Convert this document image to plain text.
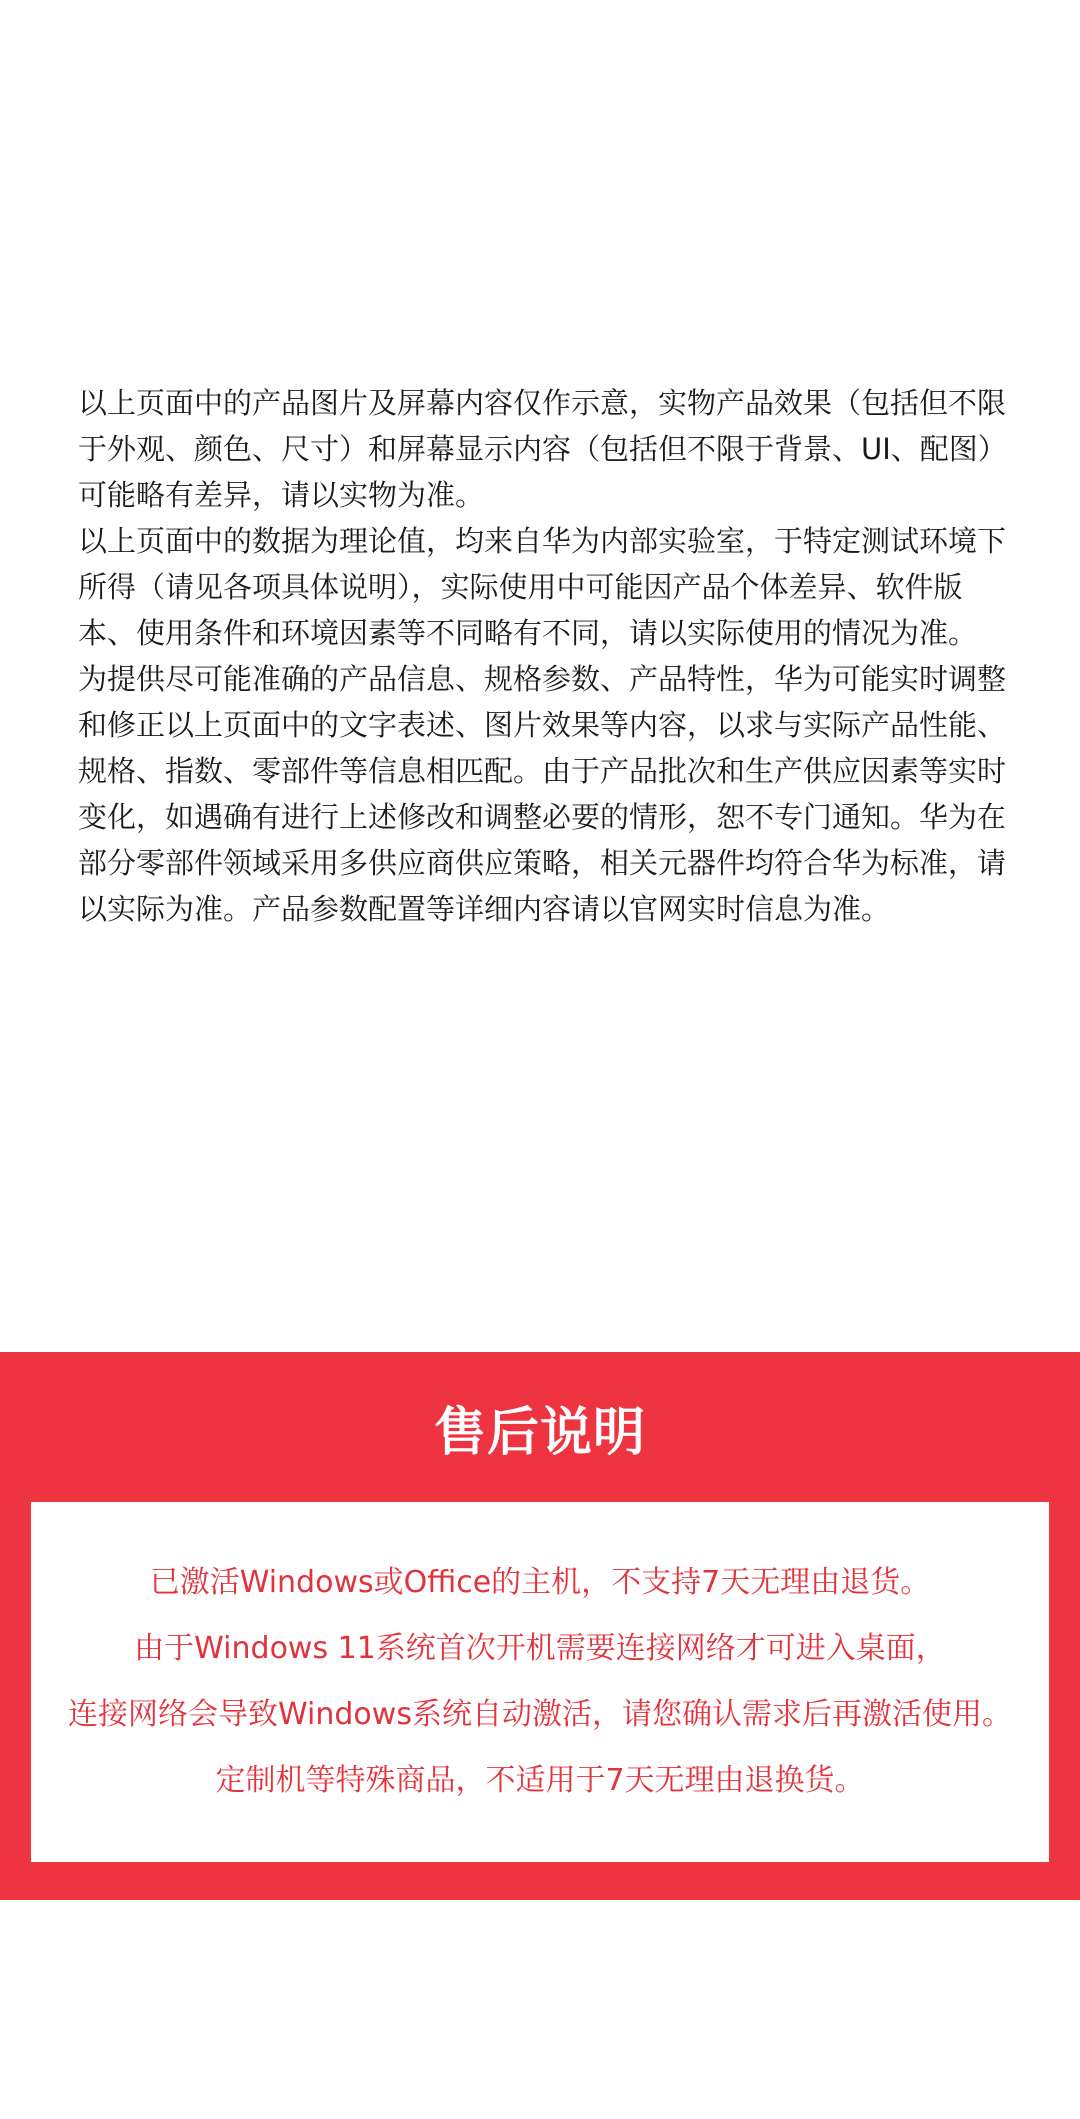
以上页面中的产品图片及屏幕内容仅作示意，实物产品效果（包括但不限于外观、颜色、尺寸）和屏幕显示内容（包括但不限于背景、UI、配图）可能略有差异，请以实物为准。

以上页面中的数据为理论值，均来自华为内部实验室，于特定测试环境下所得（请见各项具体说明），实际使用中可能因产品个体差异、软件版本、使用条件和环境因素等不同略有不同，请以实际使用的情况为准。

为提供尽可能准确的产品信息、规格参数、产品特性，华为可能实时调整和修正以上页面中的文字表述、图片效果等内容，以求与实际产品性能、规格、指数、零部件等信息相匹配。由于产品批次和生产供应因素等实时变化，如遇确有进行上述修改和调整必要的情形，恕不专门通知。华为在部分零部件领域采用多供应商供应策略，相关元器件均符合华为标准，请以实际为准。产品参数配置等详细内容请以官网实时信息为准。

售后说明
已激活Windows或Office的主机，不支持7天无理由退货。
由于Windows 11系统首次开机需要连接网络才可进入桌面，
连接网络会导致Windows系统自动激活，请您确认需求后再激活使用。
定制机等特殊商品，不适用于7天无理由退换货。
